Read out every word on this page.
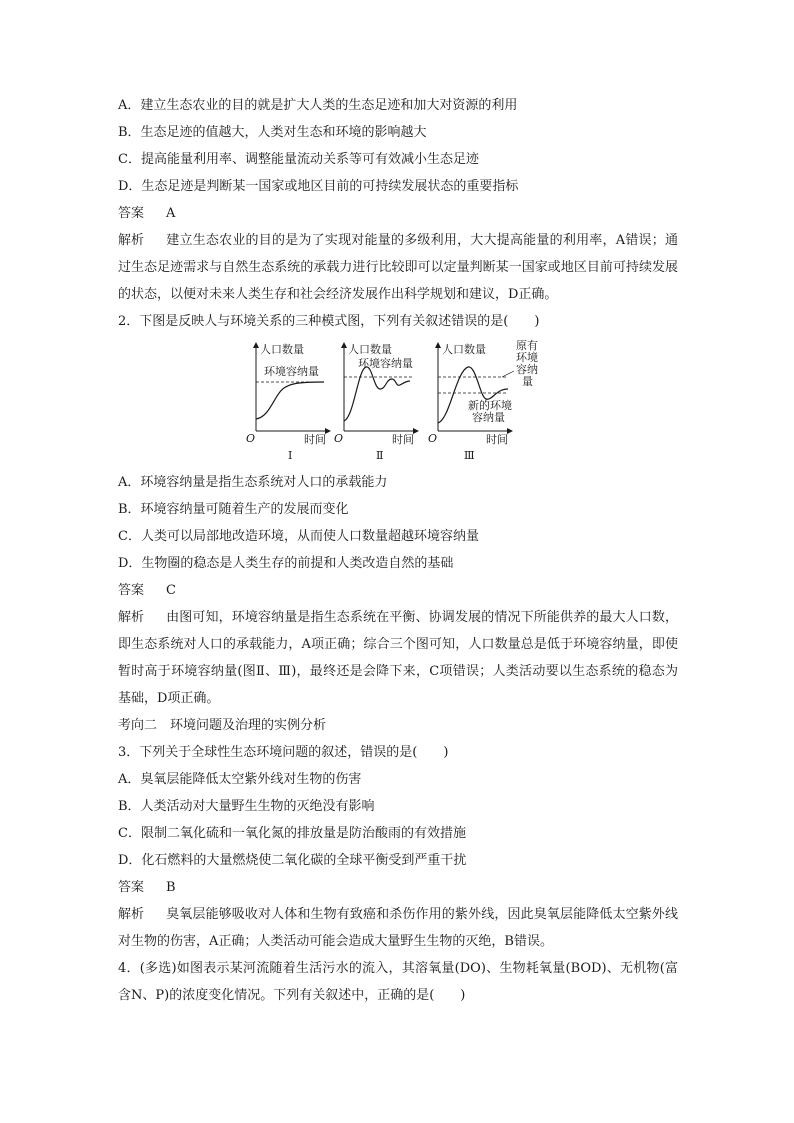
A．建立生态农业的目的就是扩大人类的生态足迹和加大对资源的利用
B．生态足迹的值越大，人类对生态和环境的影响越大
C．提高能量利用率、调整能量流动关系等可有效减小生态足迹
D．生态足迹是判断某一国家或地区目前的可持续发展状态的重要指标
答案 A

解析 建立生态农业的目的是为了实现对能量的多级利用，大大提高能量的利用率，A错误；通过生态足迹需求与自然生态系统的承载力进行比较即可以定量判断某一国家或地区目前可持续发展的状态，以便对未来人类生存和社会经济发展作出科学规划和建议，D正确。

2．下图是反映人与环境关系的三种模式图，下列有关叙述错误的是(　　)
人口数量
环境容纳量
O	时间
Ⅰ
人口数量
环境容纳量
O	时间
Ⅱ
人口数量	原有 环境 容纳 量
新的环境 容纳量
O	时间
Ⅲ
A．环境容纳量是指生态系统对人口的承载能力
B．环境容纳量可随着生产的发展而变化
C．人类可以局部地改造环境，从而使人口数量超越环境容纳量
D．生物圈的稳态是人类生存的前提和人类改造自然的基础
答案 C

解析 由图可知，环境容纳量是指生态系统在平衡、协调发展的情况下所能供养的最大人口数，即生态系统对人口的承载能力，A项正确；综合三个图可知，人口数量总是低于环境容纳量，即使暂时高于环境容纳量(图Ⅱ、Ⅲ)，最终还是会降下来，C项错误；人类活动要以生态系统的稳态为基础，D项正确。

考向二　环境问题及治理的实例分析
3．下列关于全球性生态环境问题的叙述，错误的是(　　)
A．臭氧层能降低太空紫外线对生物的伤害
B．人类活动对大量野生生物的灭绝没有影响
C．限制二氧化硫和一氧化氮的排放量是防治酸雨的有效措施
D．化石燃料的大量燃烧使二氧化碳的全球平衡受到严重干扰
答案 B

解析 臭氧层能够吸收对人体和生物有致癌和杀伤作用的紫外线，因此臭氧层能降低太空紫外线对生物的伤害，A正确；人类活动可能会造成大量野生生物的灭绝，B错误。

4．(多选)如图表示某河流随着生活污水的流入，其溶氧量(DO)、生物耗氧量(BOD)、无机物(富含N、P)的浓度变化情况。下列有关叙述中，正确的是(　　)
